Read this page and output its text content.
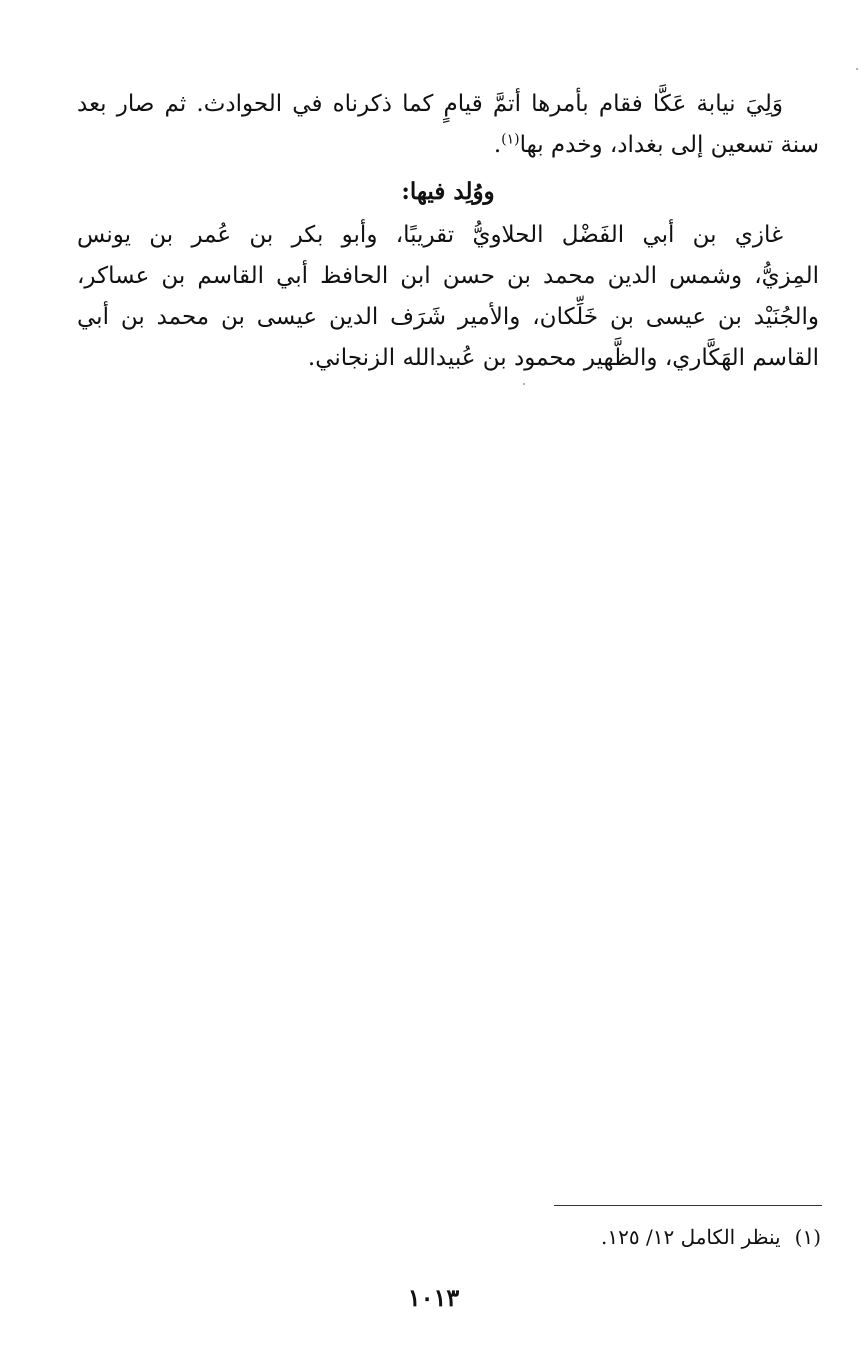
وَلِيَ نيابة عَكَّا فقام بأمرها أتمَّ قيامٍ كما ذكرناه في الحوادث. ثم صار بعد
سنة تسعين إلى بغداد، وخدم بها$^{(١)}$.
ووُلِد فيها:
غازي بن أبي الفَضْل الحلاويُّ تقريبًا، وأبو بكر بن عُمر بن يونس
المِزيُّ، وشمس الدين محمد بن حسن ابن الحافظ أبي القاسم بن عساكر،
والجُنَيْد بن عيسى بن خَلِّكان، والأمير شَرَف الدين عيسى بن محمد بن أبي
القاسم الهَكَّاري، والظَّهير محمود بن عُبيدالله الزنجاني.
(١)ينظر الكامل ١٢/ ١٢٥.
١٠١٣
